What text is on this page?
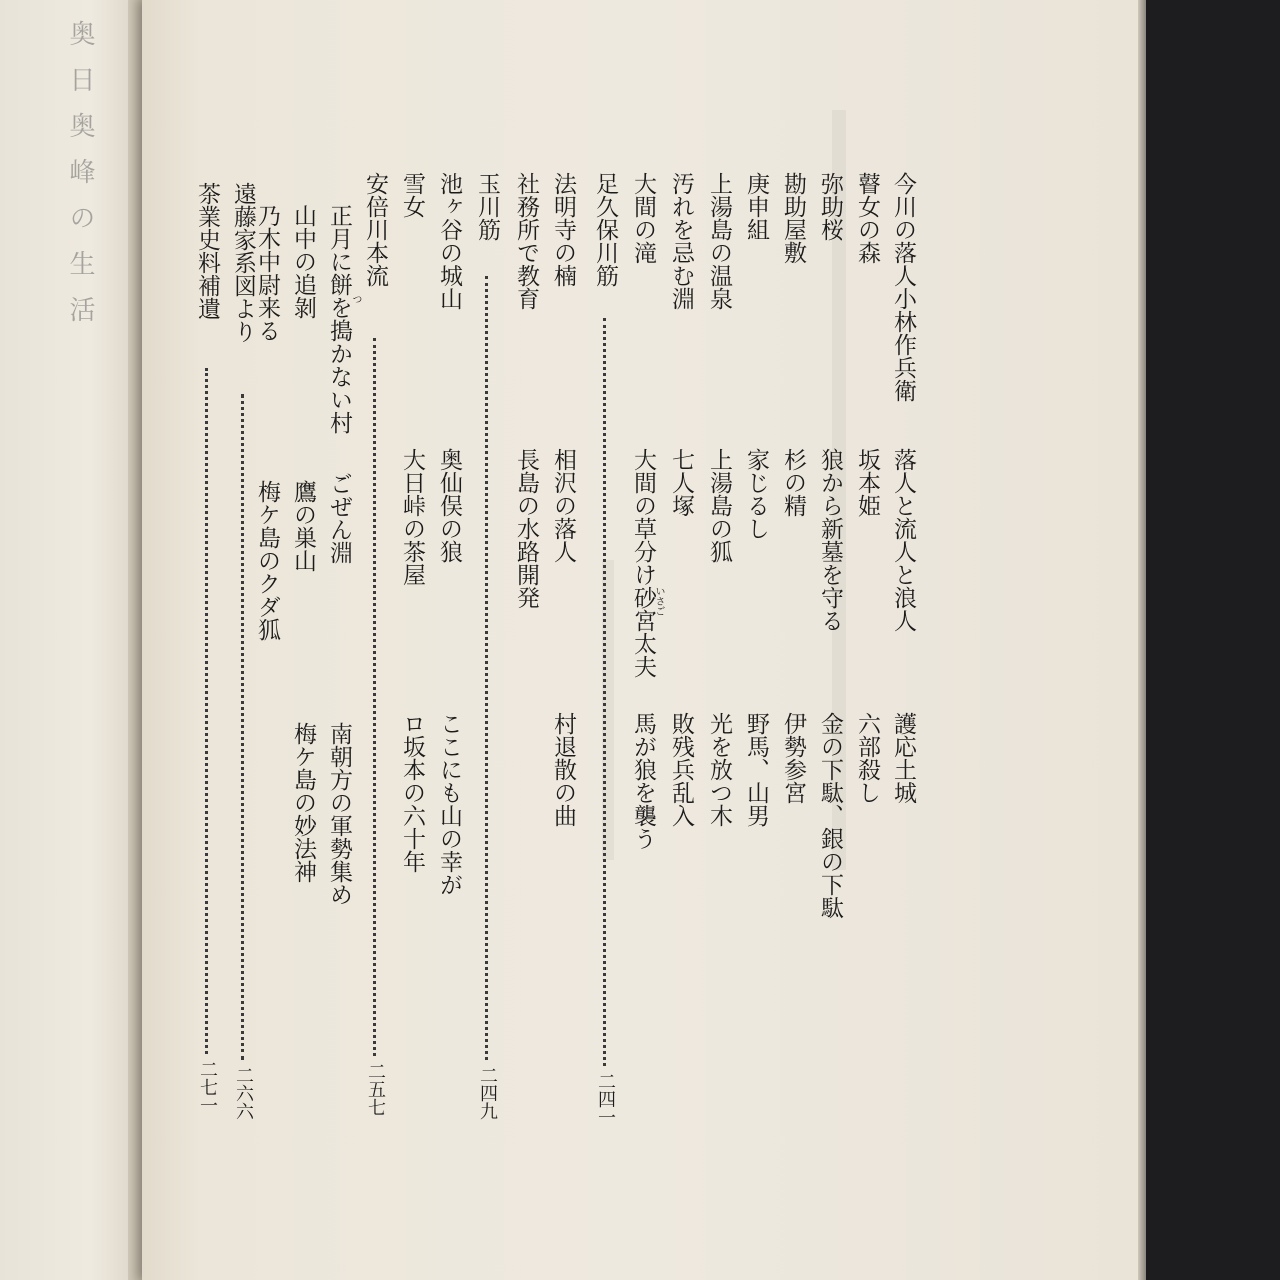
奥日奥峰の生活	今川の落人小林作兵衛
落人と流人と浪人
護応土城
瞽女の森
坂本姫
六部殺し
弥助桜
狼から新墓を守る
金の下駄、銀の下駄
勘助屋敷
杉の精
伊勢参宮
庚申組
家じるし
野馬、山男
上湯島の温泉
上湯島の狐
光を放つ木
汚れを忌む淵
七人塚
敗残兵乱入
大間の滝
大間の草分け砂宮太夫
いさご
馬が狼を襲う
足久保川筋
二四一
法明寺の楠
相沢の落人
村退散の曲
社務所で教育
長島の水路開発
玉川筋
二四九
池ヶ谷の城山
奥仙俣の狼
ここにも山の幸が
雪女
大日峠の茶屋
ロ坂本の六十年
安倍川本流
二五七
つ
正月に餅を搗かない村
ごぜん淵
南朝方の軍勢集め
山中の追剝
鷹の巣山
梅ケ島の妙法神
乃木中尉来る
梅ケ島のクダ狐
遠藤家系図より
二六六
茶業史料補遺
二七一
